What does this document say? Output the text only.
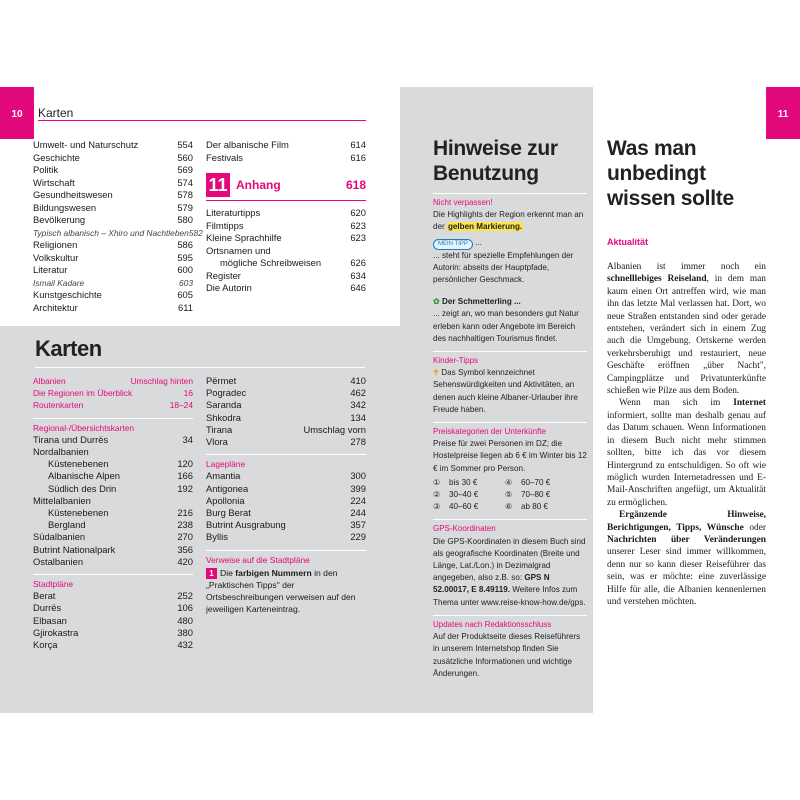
10	Karten
Umwelt- und Naturschutz	554
Geschichte	560
Politik	569
Wirtschaft	574
Gesundheitswesen	578
Bildungswesen	579
Bevölkerung	580
Typisch albanisch – Xhiro und Nachtleben 582
Religionen	586
Volkskultur	595
Literatur	600
Ismail Kadare	603
Kunstgeschichte	605
Architektur	611
Der albanische Film	614
Festivals	616
11 Anhang	618
Literaturtipps	620
Filmtipps	623
Kleine Sprachhilfe	623
Ortsnamen und
mögliche Schreibweisen	626
Register	634
Die Autorin	646
Karten
Albanien	Umschlag hinten
Die Regionen im Überblick	16
Routenkarten	18–24
Regional-/Übersichtskarten
Tirana und Durrës	34
Nordalbanien
Küstenebenen	120
Albanische Alpen	166
Südlich des Drin	192
Mittelalbanien
Küstenebenen	216
Bergland	238
Südalbanien	270
Butrint Nationalpark	356
Ostalbanien	420
Stadtpläne
Berat	252
Durrës	106
Elbasan	480
Gjirokastra	380
Korça	432
Përmet	410
Pogradec	462
Saranda	342
Shkodra	134
Tirana	Umschlag vorn
Vlora	278
Lagepläne
Amantia	300
Antigonea	399
Apollonia	224
Burg Berat	244
Butrint Ausgrabung	357
Byllis	229
Verweise auf die Stadtpläne
1 Die farbigen Nummern in den „Praktischen Tipps" der Ortsbeschreibungen verweisen auf den jeweiligen Karteneintrag.
Hinweise zur
Benutzung
Nicht verpassen!
Die Highlights der Region erkennt man an der gelben Markierung.
MEIN TIPP ...
... steht für spezielle Empfehlungen der Autorin: abseits der Hauptpfade, persönlicher Geschmack.
✿ Der Schmetterling ...
... zeigt an, wo man besonders gut Natur erleben kann oder Angebote im Bereich des nachhaltigen Tourismus findet.
Kinder-Tipps
☥ Das Symbol kennzeichnet Sehenswürdigkeiten und Aktivitäten, an denen auch kleine Albaner-Urlauber ihre Freude haben.
Preiskategorien der Unterkünfte
Preise für zwei Personen im DZ; die Hostelpreise liegen ab 6 € im Winter bis 12 € im Sommer pro Person.
①	bis 30 €	④	60–70 €
②	30–40 €	⑤	70–80 €
③	40–60 €	⑥	ab 80 €
GPS-Koordinaten
Die GPS-Koordinaten in diesem Buch sind als geografische Koordinaten (Breite und Länge, Lat./Lon.) in Dezimalgrad angegeben, also z.B. so: GPS N 52.00017, E 8.49119. Weitere Infos zum Thema unter www.reise-know-how.de/gps.
Updates nach Redaktionsschluss
Auf der Produktseite dieses Reiseführers in unserem Internetshop finden Sie zusätzliche Informationen und wichtige Änderungen.
11
Was man
unbedingt
wissen sollte
Aktualität

Albanien ist immer noch ein schnelllebiges Reiseland, in dem man kaum einen Ort antreffen wird, wie man ihn das letzte Mal verlassen hat. Dort, wo neue Straßen entstanden sind oder gerade entstehen, verändert sich in einem Zug auch die Umgebung. Ortskerne werden verkehrsberuhigt und restauriert, neue Geschäfte eröffnen „über Nacht", Campingplätze und Privatunterkünfte schießen wie Pilze aus dem Boden.

Wenn man sich im Internet informiert, sollte man deshalb genau auf das Datum schauen. Wenn Informationen in diesem Buch nicht mehr stimmen sollten, bitte ich das vor diesem Hintergrund zu entschuldigen. So oft wie möglich wurden Internetadressen und E-Mail-Anschriften angefügt, um Aktualität zu ermöglichen.

Ergänzende Hinweise, Berichtigungen, Tipps, Wünsche oder Nachrichten über Veränderungen unserer Leser sind immer willkommen, denn nur so kann dieser Reiseführer das sein, was er möchte: eine zuverlässige Hilfe für alle, die Albanien kennenlernen und verstehen möchten.
